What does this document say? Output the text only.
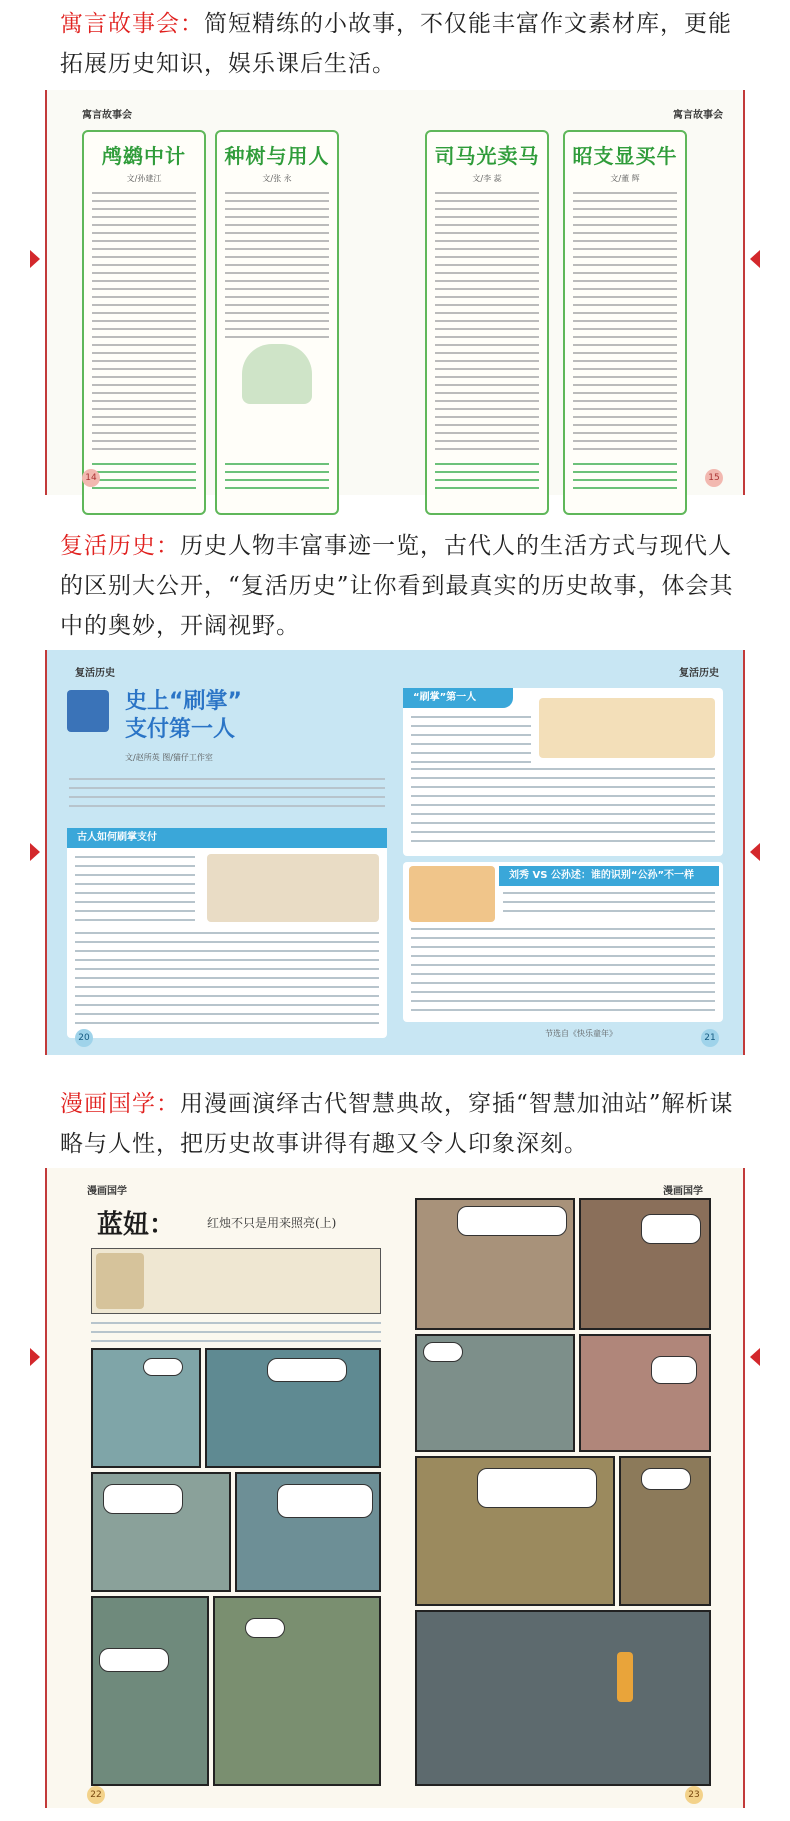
寓言故事会：简短精练的小故事，不仅能丰富作文素材库，更能拓展历史知识，娱乐课后生活。
寓言故事会
鸬鹚中计
文/孙建江
种树与用人
文/张 永
14
寓言故事会
司马光卖马
文/李 蕊
昭支显买牛
文/董 辉
15
复活历史：历史人物丰富事迹一览，古代人的生活方式与现代人的区别大公开，“复活历史”让你看到最真实的历史故事，体会其中的奥妙，开阔视野。
复活历史
史上“刷掌”
支付第一人
文/赵所英 图/猫仔工作室
古人如何刷掌支付
20
复活历史
“刷掌”第一人
刘秀 VS 公孙述：谁的识别“公孙”不一样
节选自《快乐童年》	21
漫画国学：用漫画演绎古代智慧典故，穿插“智慧加油站”解析谋略与人性，把历史故事讲得有趣又令人印象深刻。
漫画国学
蓝妞：	红烛不只是用来照亮(上)
22
漫画国学
23
